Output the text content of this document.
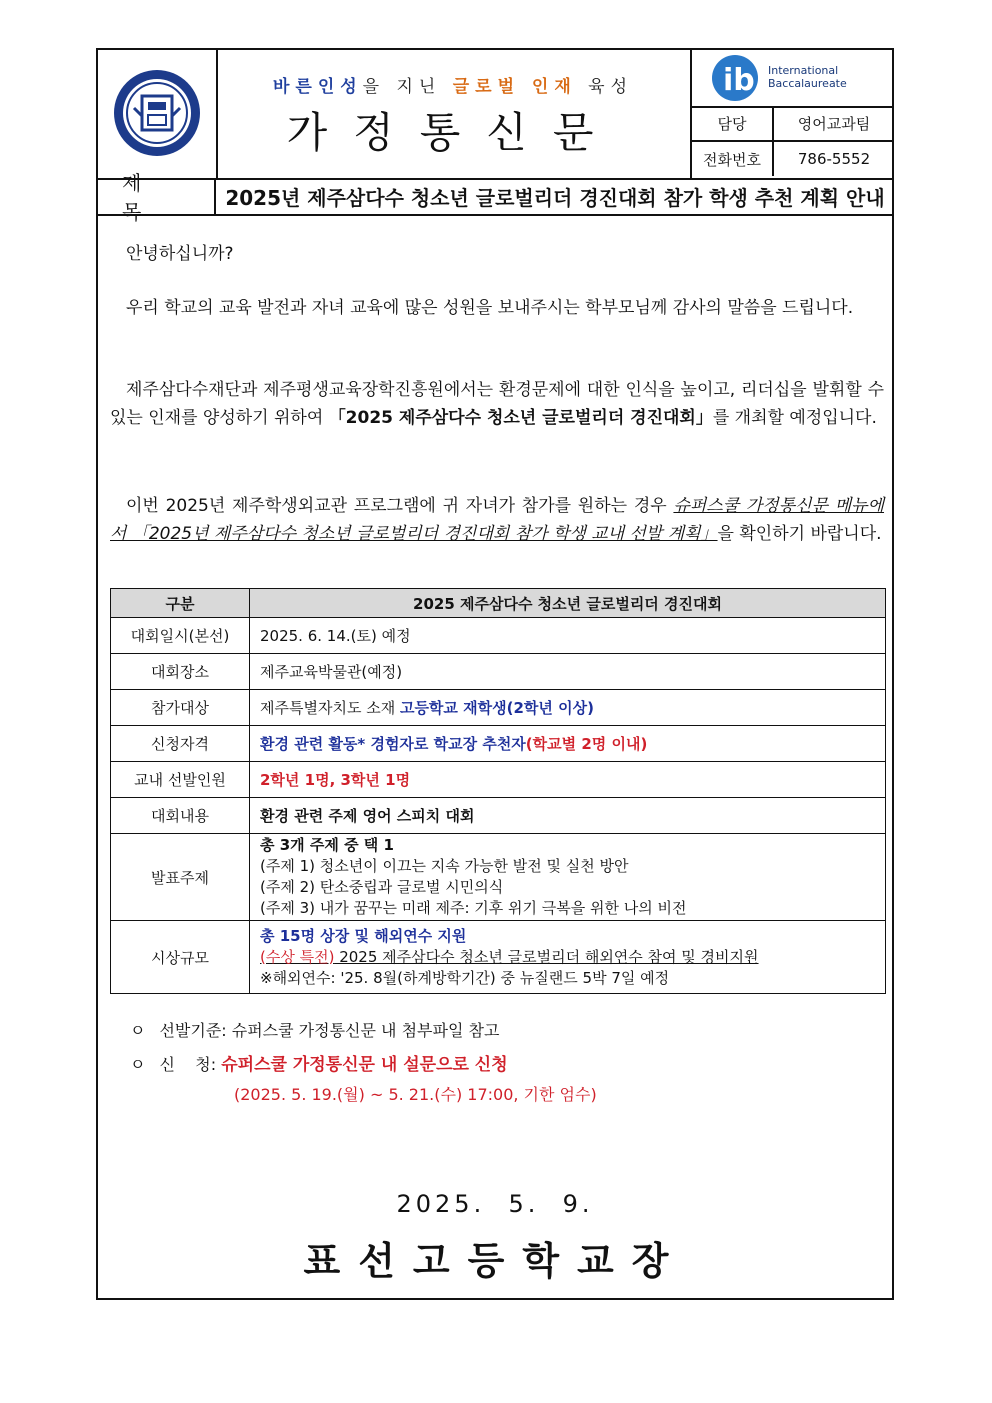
바른인성을 지닌 글로벌 인재 육성
가정통신문
ib International
Baccalaureate
담당	영어교과팀
전화번호	786-5552
제목
2025년 제주삼다수 청소년 글로벌리더 경진대회 참가 학생 추천 계획 안내
안녕하십니까?
우리 학교의 교육 발전과 자녀 교육에 많은 성원을 보내주시는 학부모님께 감사의 말씀을 드립니다.
제주삼다수재단과 제주평생교육장학진흥원에서는 환경문제에 대한 인식을 높이고, 리더십을 발휘할 수 있는 인재를 양성하기 위하여 「2025 제주삼다수 청소년 글로벌리더 경진대회」를 개최할 예정입니다.
이번 2025년 제주학생외교관 프로그램에 귀 자녀가 참가를 원하는 경우 슈퍼스쿨 가정통신문 메뉴에서 「2025년 제주삼다수 청소년 글로벌리더 경진대회 참가 학생 교내 선발 계획」을 확인하기 바랍니다.
구분	2025 제주삼다수 청소년 글로벌리더 경진대회
대회일시(본선)	2025. 6. 14.(토) 예정
대회장소	제주교육박물관(예정)
참가대상	제주특별자치도 소재 고등학교 재학생(2학년 이상)
신청자격	환경 관련 활동* 경험자로 학교장 추천자(학교별 2명 이내)
교내 선발인원	2학년 1명, 3학년 1명
대회내용	환경 관련 주제 영어 스피치 대회
발표주제	총 3개 주제 중 택 1
(주제 1) 청소년이 이끄는 지속 가능한 발전 및 실천 방안
(주제 2) 탄소중립과 글로벌 시민의식
(주제 3) 내가 꿈꾸는 미래 제주: 기후 위기 극복을 위한 나의 비전

시상규모	총 15명 상장 및 해외연수 지원
(수상 특전) 2025 제주삼다수 청소년 글로벌리더 해외연수 참여 및 경비지원
※해외연수: '25. 8월(하계방학기간) 중 뉴질랜드 5박 7일 예정
ㅇ 선발기준: 슈퍼스쿨 가정통신문 내 첨부파일 참고
ㅇ 신    청: 슈퍼스쿨 가정통신문 내 설문으로 신청
(2025. 5. 19.(월) ~ 5. 21.(수) 17:00, 기한 엄수)
2025.  5.  9.
표선고등학교장
